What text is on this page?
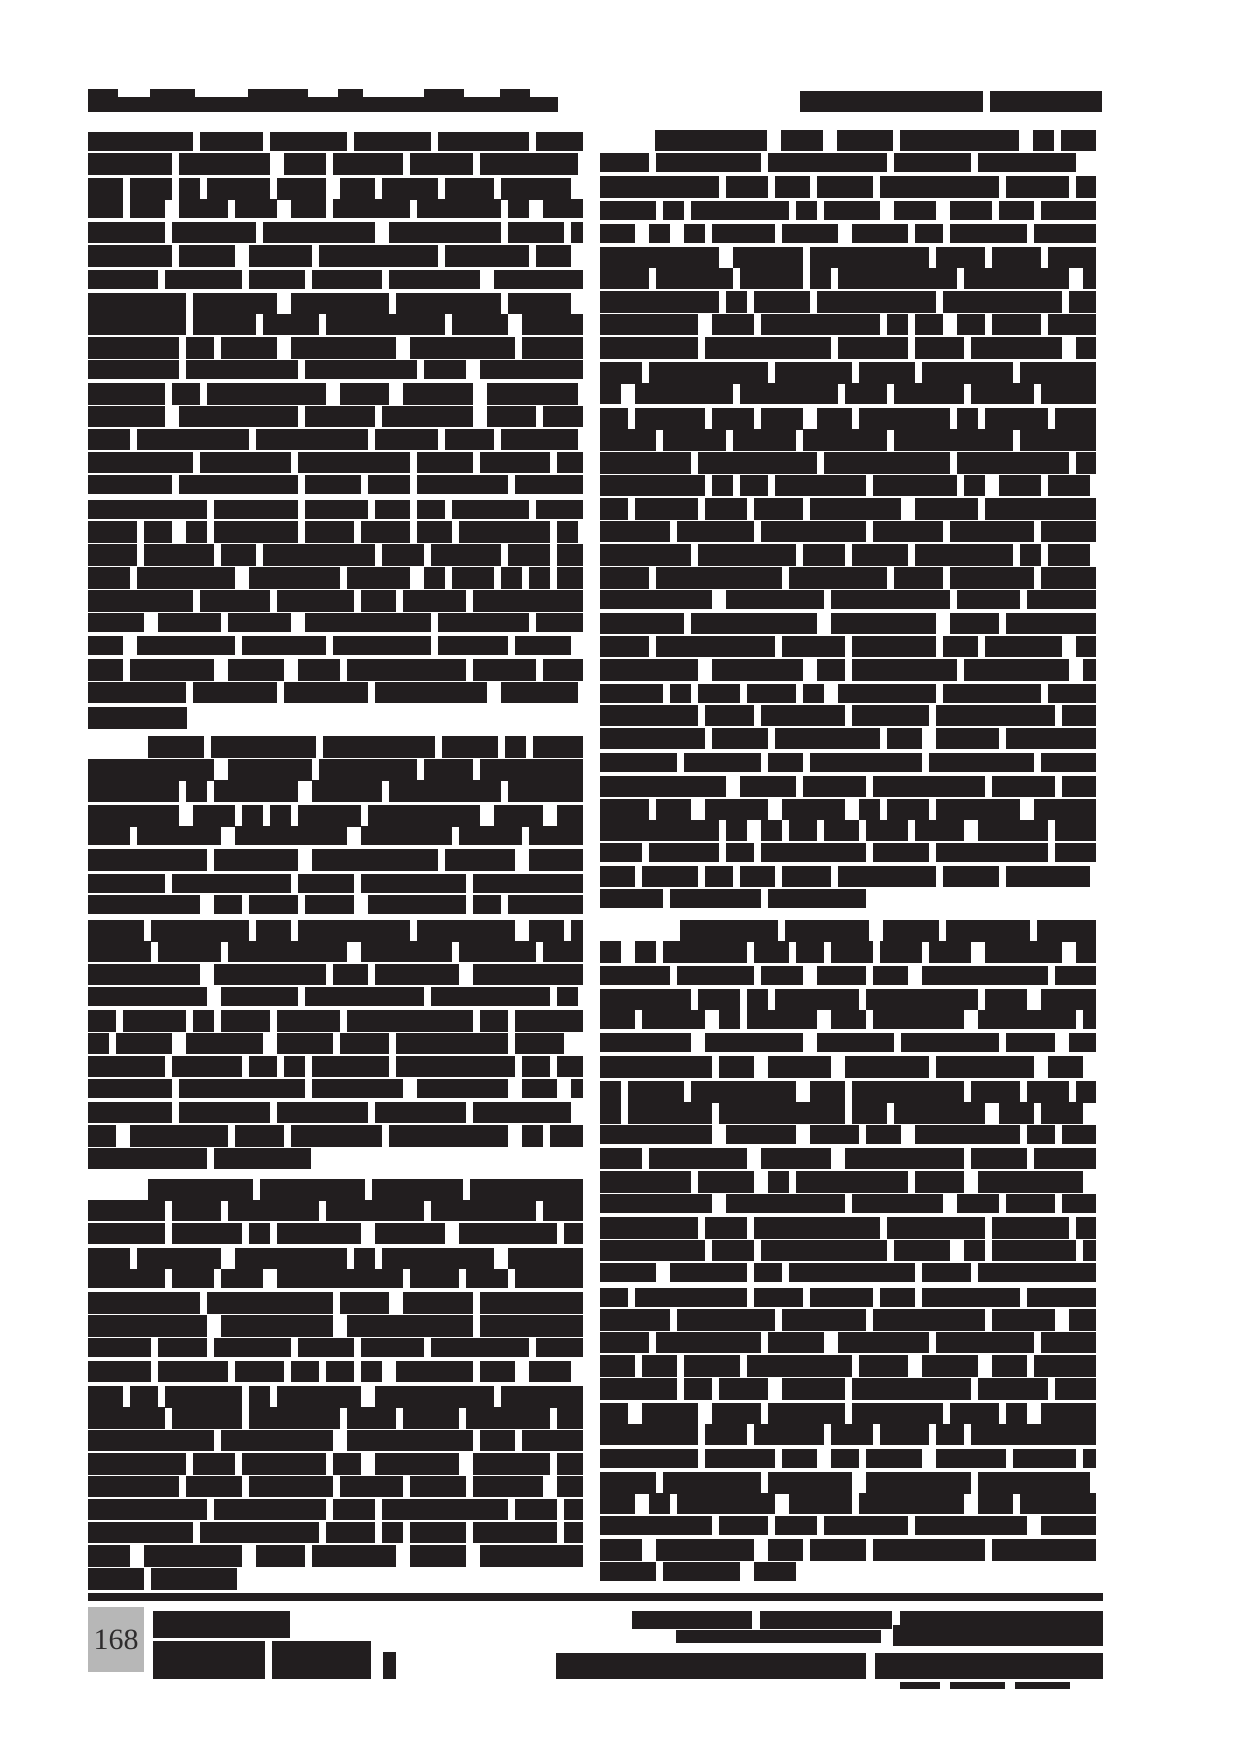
168
